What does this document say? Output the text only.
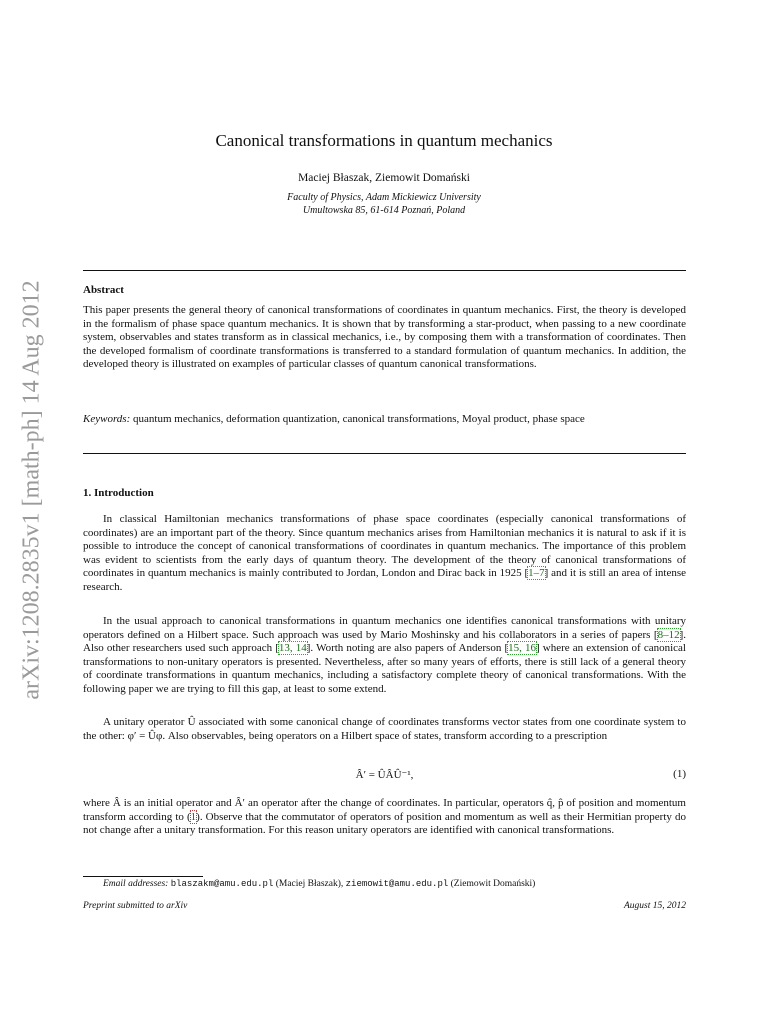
arXiv:1208.2835v1 [math-ph] 14 Aug 2012
Canonical transformations in quantum mechanics
Maciej Błaszak, Ziemowit Domański
Faculty of Physics, Adam Mickiewicz University
Umultowska 85, 61-614 Poznań, Poland
Abstract
This paper presents the general theory of canonical transformations of coordinates in quantum mechanics. First, the theory is developed in the formalism of phase space quantum mechanics. It is shown that by transforming a star-product, when passing to a new coordinate system, observables and states transform as in classical mechanics, i.e., by composing them with a transformation of coordinates. Then the developed formalism of coordinate transformations is transferred to a standard formulation of quantum mechanics. In addition, the developed theory is illustrated on examples of particular classes of quantum canonical transformations.
Keywords: quantum mechanics, deformation quantization, canonical transformations, Moyal product, phase space
1. Introduction
In classical Hamiltonian mechanics transformations of phase space coordinates (especially canonical transformations of coordinates) are an important part of the theory. Since quantum mechanics arises from Hamiltonian mechanics it is natural to ask if it is possible to introduce the concept of canonical transformations of coordinates in quantum mechanics. The importance of this problem was evident to scientists from the early days of quantum theory. The development of the theory of canonical transformations of coordinates in quantum mechanics is mainly contributed to Jordan, London and Dirac back in 1925 [1–7] and it is still an area of intense research.
In the usual approach to canonical transformations in quantum mechanics one identifies canonical transformations with unitary operators defined on a Hilbert space. Such approach was used by Mario Moshinsky and his collaborators in a series of papers [8–12]. Also other researchers used such approach [13, 14]. Worth noting are also papers of Anderson [15, 16] where an extension of canonical transformations to non-unitary operators is presented. Nevertheless, after so many years of efforts, there is still lack of a general theory of coordinate transformations in quantum mechanics, including a satisfactory complete theory of canonical transformations. With the following paper we are trying to fill this gap, at least to some extend.
A unitary operator Û associated with some canonical change of coordinates transforms vector states from one coordinate system to the other: φ′ = Ûφ. Also observables, being operators on a Hilbert space of states, transform according to a prescription
Â′ = ÛÂÛ⁻¹,	(1)
where Â is an initial operator and Â′ an operator after the change of coordinates. In particular, operators q̂, p̂ of position and momentum transform according to (1). Observe that the commutator of operators of position and momentum as well as their Hermitian property do not change after a unitary transformation. For this reason unitary operators are identified with canonical transformations.
Email addresses: blaszakm@amu.edu.pl (Maciej Błaszak), ziemowit@amu.edu.pl (Ziemowit Domański)
Preprint submitted to arXiv	August 15, 2012
